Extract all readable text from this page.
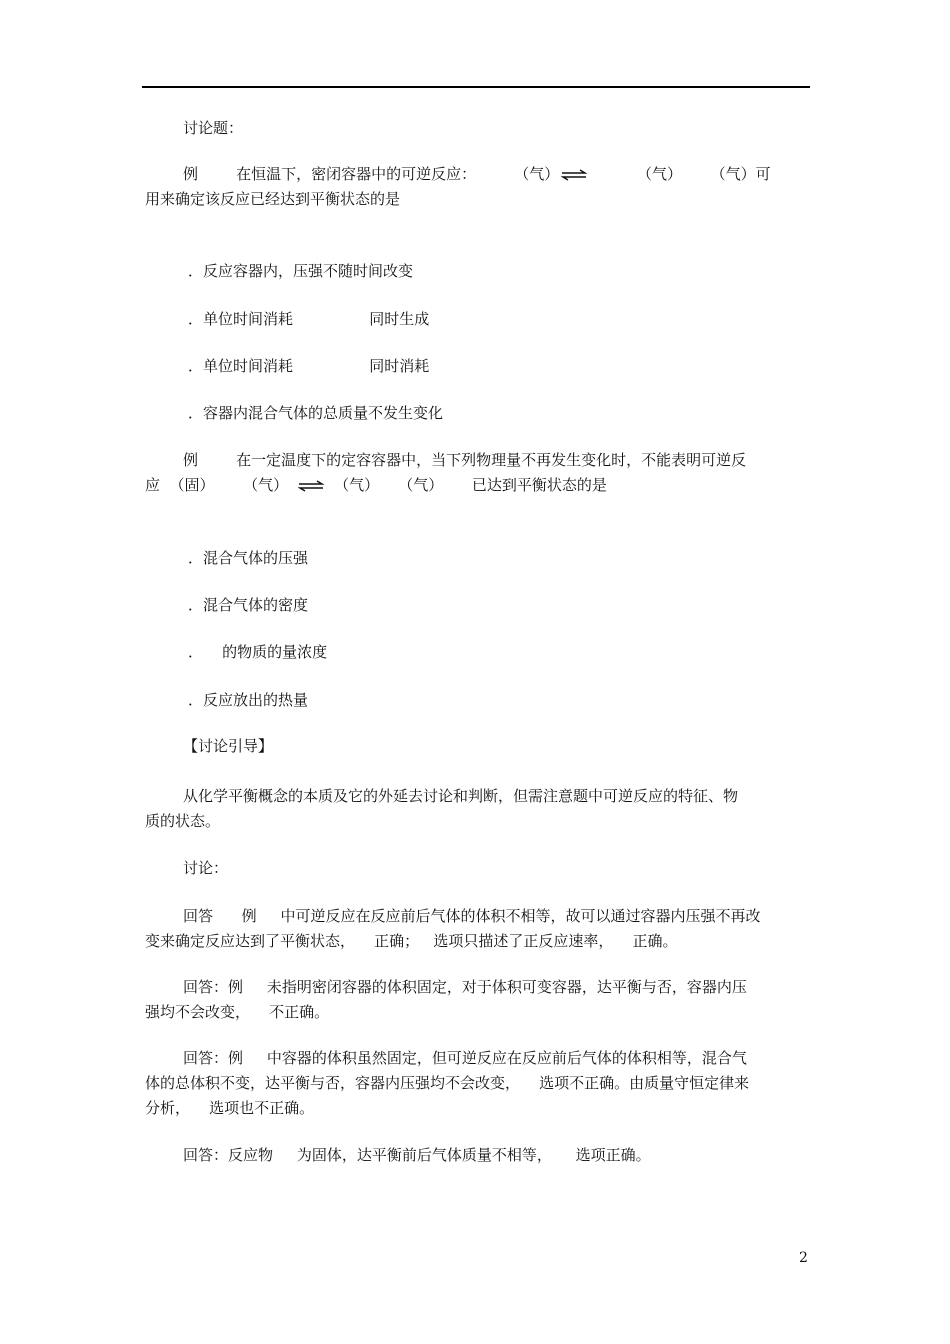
讨论题：
例        在恒温下，密闭容器中的可逆反应：        （气） ⇌ （气）      （气）可
用来确定该反应已经达到平衡状态的是
．反应容器内，压强不随时间改变
．单位时间消耗                同时生成
．单位时间消耗                同时消耗
．容器内混合气体的总质量不发生变化
例        在一定温度下的定容容器中，当下列物理量不再发生变化时，不能表明可逆反
应  （固）      （气） ⇌ （气）    （气）      已达到平衡状态的是
．混合气体的压强
．混合气体的密度
．    的物质的量浓度
．反应放出的热量
【讨论引导】
从化学平衡概念的本质及它的外延去讨论和判断，但需注意题中可逆反应的特征、物
质的状态。
讨论：
回答      例     中可逆反应在反应前后气体的体积不相等，故可以通过容器内压强不再改
变来确定反应达到了平衡状态，    正确；   选项只描述了正反应速率，    正确。
回答：例     未指明密闭容器的体积固定，对于体积可变容器，达平衡与否，容器内压
强均不会改变，    不正确。
回答：例     中容器的体积虽然固定，但可逆反应在反应前后气体的体积相等，混合气
体的总体积不变，达平衡与否，容器内压强均不会改变，    选项不正确。由质量守恒定律来
分析，    选项也不正确。
回答：反应物     为固体，达平衡前后气体质量不相等，     选项正确。
2
